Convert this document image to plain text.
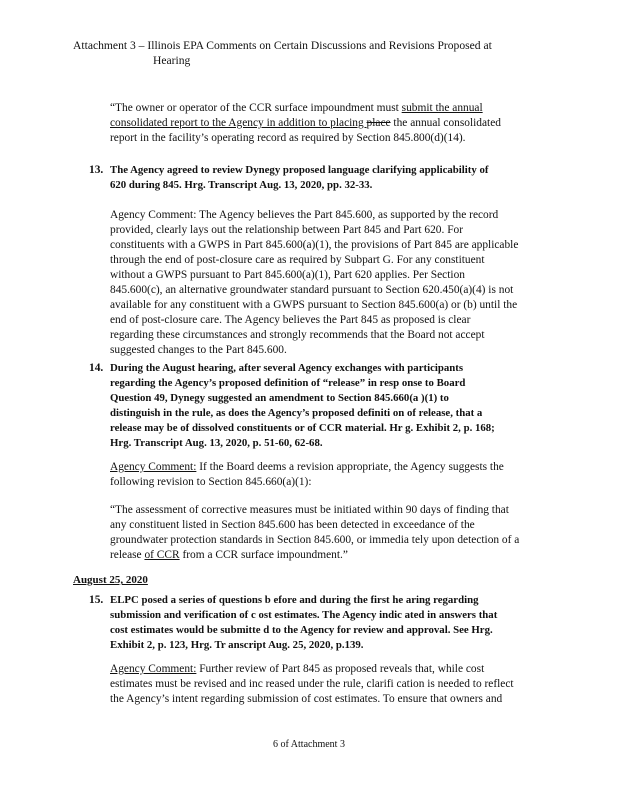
Attachment 3 – Illinois EPA Comments on Certain Discussions and Revisions Proposed at
Hearing
“The owner or operator of the CCR surface impoundment must submit the annual
consolidated report to the Agency in addition to placing place the annual consolidated
report in the facility’s operating record as required by Section 845.800(d)(14).
13. The Agency agreed to review Dynegy proposed language clarifying applicability of
620 during 845. Hrg. Transcript Aug. 13, 2020, pp. 32-33.
Agency Comment: The Agency believes the Part 845.600, as supported by the record
provided, clearly lays out the relationship between Part 845 and Part 620. For
constituents with a GWPS in Part 845.600(a)(1), the provisions of Part 845 are applicable
through the end of post-closure care as required by Subpart G. For any constituent
without a GWPS pursuant to Part 845.600(a)(1), Part 620 applies. Per Section
845.600(c), an alternative groundwater standard pursuant to Section 620.450(a)(4) is not
available for any constituent with a GWPS pursuant to Section 845.600(a) or (b) until the
end of post-closure care. The Agency believes the Part 845 as proposed is clear
regarding these circumstances and strongly recommends that the Board not accept
suggested changes to the Part 845.600.
14. During the August hearing, after several Agency exchanges with participants
regarding the Agency’s proposed definition of “release” in resp onse to Board
Question 49, Dynegy suggested an amendment to Section 845.660(a )(1) to
distinguish in the rule, as does the Agency’s proposed definiti on of release, that a
release may be of dissolved constituents or of CCR material. Hr g. Exhibit 2, p. 168;
Hrg. Transcript Aug. 13, 2020, p. 51-60, 62-68.
Agency Comment: If the Board deems a revision appropriate, the Agency suggests the
following revision to Section 845.660(a)(1):
“The assessment of corrective measures must be initiated within 90 days of finding that
any constituent listed in Section 845.600 has been detected in exceedance of the
groundwater protection standards in Section 845.600, or immedia tely upon detection of a
release of CCR from a CCR surface impoundment.”
August 25, 2020
15. ELPC posed a series of questions b efore and during the first he aring regarding
submission and verification of c ost estimates. The Agency indic ated in answers that
cost estimates would be submitte d to the Agency for review and approval. See Hrg.
Exhibit 2, p. 123, Hrg. Tr anscript Aug. 25, 2020, p.139.
Agency Comment: Further review of Part 845 as proposed reveals that, while cost
estimates must be revised and inc reased under the rule, clarifi cation is needed to reflect
the Agency’s intent regarding submission of cost estimates. To ensure that owners and
6 of Attachment 3
